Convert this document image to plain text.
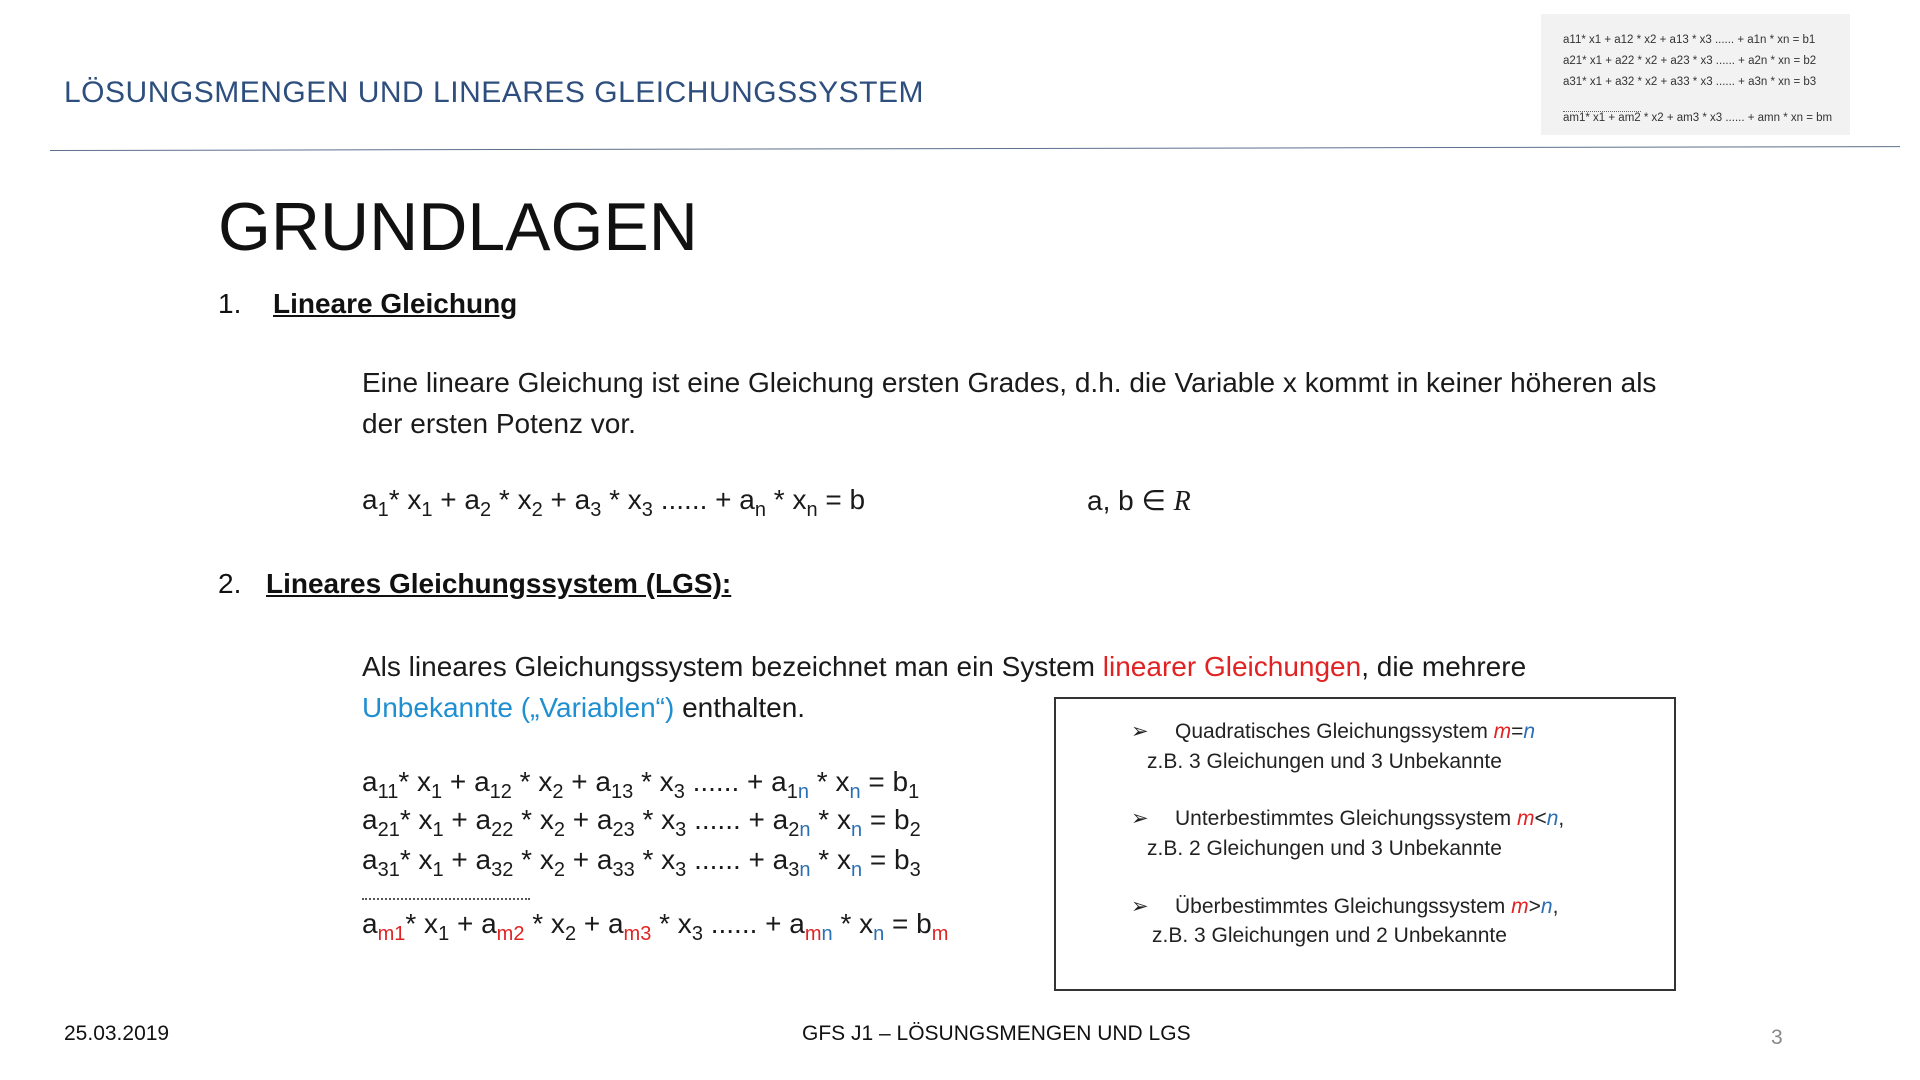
LÖSUNGSMENGEN UND LINEARES GLEICHUNGSSYSTEM
a11* x1 + a12 * x2 + a13 * x3 ...... + a1n * xn = b1
a21* x1 + a22 * x2 + a23 * x3 ...... + a2n * xn = b2
a31* x1 + a32 * x2 + a33 * x3 ...... + a3n * xn = b3
am1* x1 + am2 * x2 + am3 * x3 ...... + amn * xn = bm
GRUNDLAGEN
1. Lineare Gleichung
Eine lineare Gleichung ist eine Gleichung ersten Grades, d.h. die Variable x kommt in keiner höheren als der ersten Potenz vor.
$a_1*$ $x_1 + a_2 * x_2 + a_3 * x_3$ ...... + $a_n * x_n = b$	a, b ∈ R
2. Lineares Gleichungssystem (LGS):
Als lineares Gleichungssystem bezeichnet man ein System linearer Gleichungen, die mehrere
Unbekannte („Variablen“) enthalten.
$a_{11}*$ $x_1 + a_{12} * x_2 + a_{13} * x_3$ ...... + $a_{1n} * x_n = b_1$
$a_{21}*$ $x_1 + a_{22} * x_2 + a_{23} * x_3$ ...... + $a_{2n} * x_n = b_2$
$a_{31}*$ $x_1 + a_{32} * x_2 + a_{33} * x_3$ ...... + $a_{3n} * x_n = b_3$
$a_{m1}*$ $x_1 + a_{m2} * x_2 + a_{m3} * x_3$ ...... + $a_{mn} * x_n = b_m$
➢ Quadratisches Gleichungssystem m=n
z.B. 3 Gleichungen und 3 Unbekannte
➢ Unterbestimmtes Gleichungssystem m<n,
z.B. 2 Gleichungen und 3 Unbekannte
➢ Überbestimmtes Gleichungssystem m>n,
z.B. 3 Gleichungen und 2 Unbekannte
25.03.2019	GFS J1 – LÖSUNGSMENGEN UND LGS	3
